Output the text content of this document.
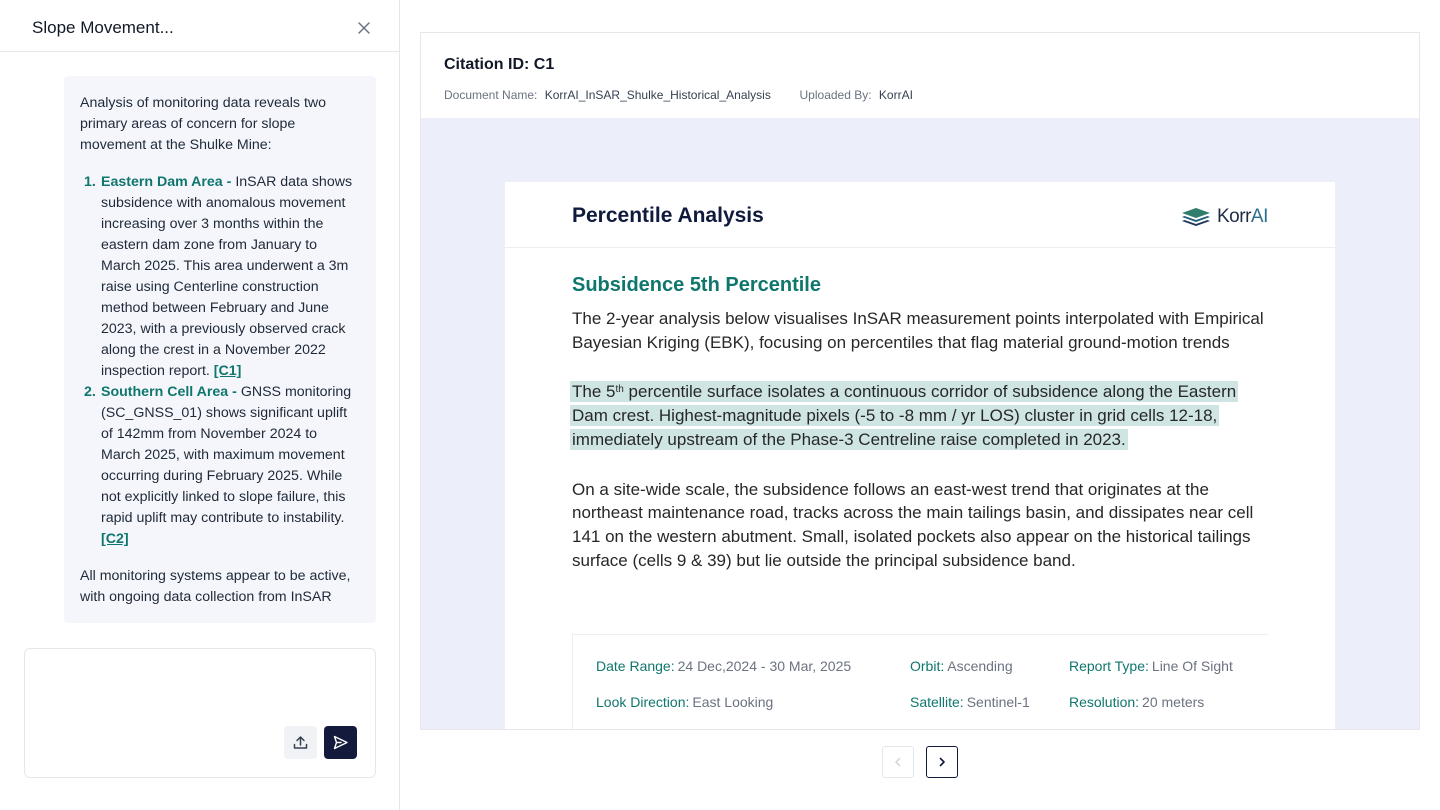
Slope Movement...

Analysis of monitoring data reveals two primary areas of concern for slope movement at the Shulke Mine:

1. Eastern Dam Area - InSAR data shows subsidence with anomalous movement increasing over 3 months within the eastern dam zone from January to March 2025. This area underwent a 3m raise using Centerline construction method between February and June 2023, with a previously observed crack along the crest in a November 2022 inspection report. [C1]
2. Southern Cell Area - GNSS monitoring (SC_GNSS_01) shows significant uplift of 142mm from November 2024 to March 2025, with maximum movement occurring during February 2025. While not explicitly linked to slope failure, this rapid uplift may contribute to instability. [C2]

All monitoring systems appear to be active, with ongoing data collection from InSAR

Citation ID: C1
Document Name: KorrAI_InSAR_Shulke_Historical_Analysis Uploaded By: KorrAI
Percentile Analysis	KorrAI
Subsidence 5th Percentile
The 2-year analysis below visualises InSAR measurement points interpolated with Empirical Bayesian Kriging (EBK), focusing on percentiles that flag material ground-motion trends
The 5th percentile surface isolates a continuous corridor of subsidence along the Eastern Dam crest. Highest-magnitude pixels (-5 to -8 mm / yr LOS) cluster in grid cells 12-18, immediately upstream of the Phase-3 Centreline raise completed in 2023.
On a site-wide scale, the subsidence follows an east-west trend that originates at the northeast maintenance road, tracks across the main tailings basin, and dissipates near cell 141 on the western abutment. Small, isolated pockets also appear on the historical tailings surface (cells 9 & 39) but lie outside the principal subsidence band.
Date Range: 24 Dec,2024 - 30 Mar, 2025	Orbit: Ascending	Report Type: Line Of Sight
Look Direction: East Looking	Satellite: Sentinel-1	Resolution: 20 meters
